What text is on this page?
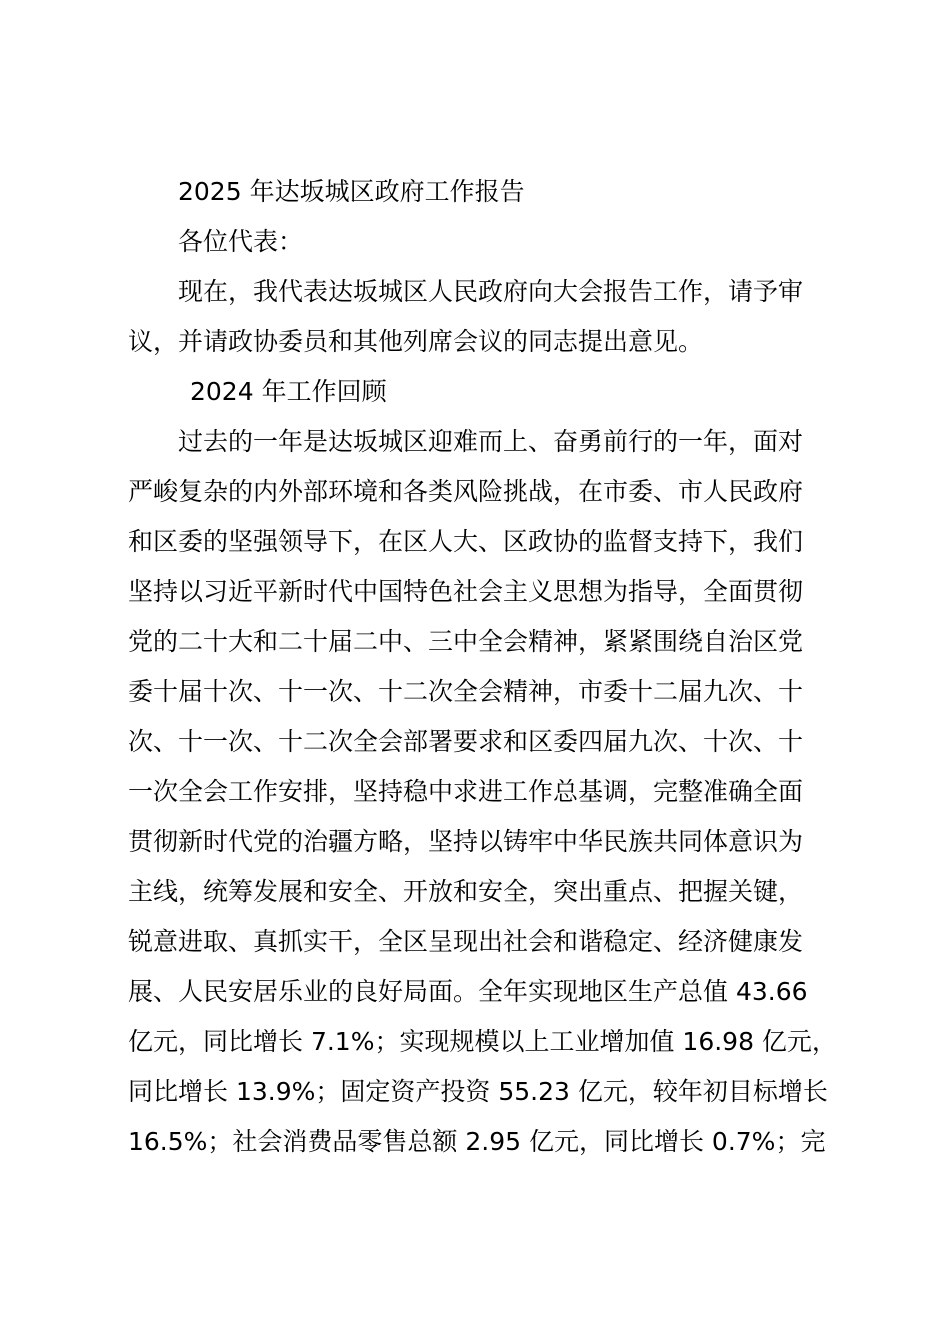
2025 年达坂城区政府工作报告
各位代表：
现在，我代表达坂城区人民政府向大会报告工作，请予审
议，并请政协委员和其他列席会议的同志提出意见。
2024 年工作回顾
过去的一年是达坂城区迎难而上、奋勇前行的一年，面对
严峻复杂的内外部环境和各类风险挑战，在市委、市人民政府
和区委的坚强领导下，在区人大、区政协的监督支持下，我们
坚持以习近平新时代中国特色社会主义思想为指导，全面贯彻
党的二十大和二十届二中、三中全会精神，紧紧围绕自治区党
委十届十次、十一次、十二次全会精神，市委十二届九次、十
次、十一次、十二次全会部署要求和区委四届九次、十次、十
一次全会工作安排，坚持稳中求进工作总基调，完整准确全面
贯彻新时代党的治疆方略，坚持以铸牢中华民族共同体意识为
主线，统筹发展和安全、开放和安全，突出重点、把握关键，
锐意进取、真抓实干，全区呈现出社会和谐稳定、经济健康发
展、人民安居乐业的良好局面。全年实现地区生产总值 43.66
亿元，同比增长 7.1%；实现规模以上工业增加值 16.98 亿元，
同比增长 13.9%；固定资产投资 55.23 亿元，较年初目标增长
16.5%；社会消费品零售总额 2.95 亿元，同比增长 0.7%；完
